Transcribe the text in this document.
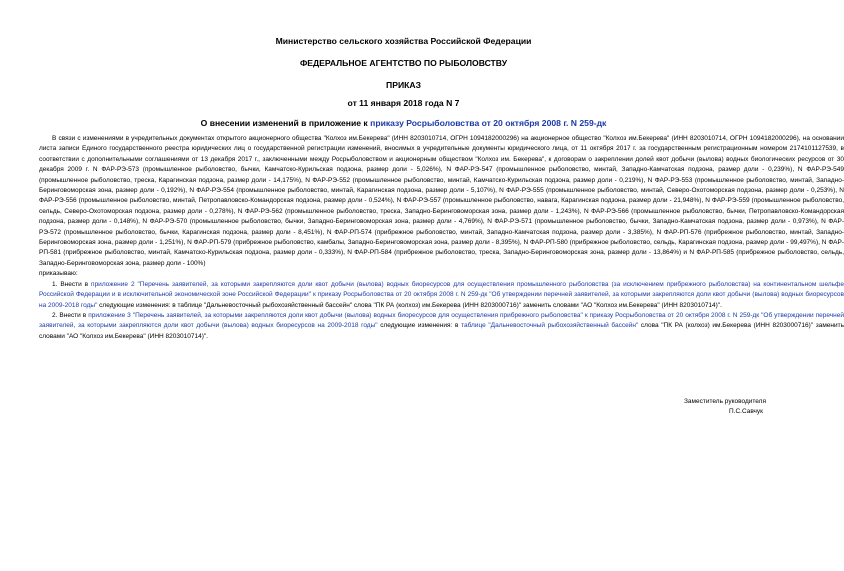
Министерство сельского хозяйства Российской Федерации
ФЕДЕРАЛЬНОЕ АГЕНТСТВО ПО РЫБОЛОВСТВУ
ПРИКАЗ
от 11 января 2018 года N 7
О внесении изменений в приложение к приказу Росрыболовства от 20 октября 2008 г. N 259-дк

В связи с изменениями в учредительных документах открытого акционерного общества "Колхоз им.Бекерева" (ИНН 8203010714, ОГРН 1094182000296) на акционерное общество "Колхоз им.Бекерева" (ИНН 8203010714, ОГРН 1094182000296), на основании листа записи Единого государственного реестра юридических лиц о государственной регистрации изменений, вносимых в учредительные документы юридического лица, от 11 октября 2017 г. за государственным регистрационным номером 2174101127539, в соответствии с дополнительными соглашениями от 13 декабря 2017 г., заключенными между Росрыболовством и акционерным обществом "Колхоз им. Бекерева", к договорам о закреплении долей квот добычи (вылова) водных биологических ресурсов от 30 декабря 2009 г. N ФАР-РЭ-573 (промышленное рыболовство, бычки, Камчатско-Курильская подзона, размер доли - 5,026%), N ФАР-РЭ-547 (промышленное рыболовство, минтай, Западно-Камчатская подзона, размер доли - 0,239%), N ФАР-РЭ-549 (промышленное рыболовство, треска, Карагинская подзона, размер доли - 14,175%), N ФАР-РЭ-552 (промышленное рыболовство, минтай, Камчатско-Курильская подзона, размер доли - 0,219%), N ФАР-РЭ-553 (промышленное рыболовство, минтай, Западно-Беринговоморская зона, размер доли - 0,192%), N ФАР-РЭ-554 (промышленное рыболовство, минтай, Карагинская подзона, размер доли - 5,107%), N ФАР-РЭ-555 (промышленное рыболовство, минтай, Северо-Охотоморская подзона, размер доли - 0,253%), N ФАР-РЭ-556 (промышленное рыболовство, минтай, Петропавловско-Командорская подзона, размер доли - 0,524%), N ФАР-РЭ-557 (промышленное рыболовство, навага, Карагинская подзона, размер доли - 21,948%), N ФАР-РЭ-559 (промышленное рыболовство, сельдь, Северо-Охотоморская подзона, размер доли - 0,278%), N ФАР-РЭ-562 (промышленное рыболовство, треска, Западно-Беринговоморская зона, размер доли - 1,243%), N ФАР-РЭ-566 (промышленное рыболовство, бычки, Петропавловско-Командорская подзона, размер доли - 0,148%), N ФАР-РЭ-570 (промышленное рыболовство, бычки, Западно-Беринговоморская зона, размер доли - 4,769%), N ФАР-РЭ-571 (промышленное рыболовство, бычки, Западно-Камчатская подзона, размер доли - 0,973%), N ФАР-РЭ-572 (промышленное рыболовство, бычки, Карагинская подзона, размер доли - 8,451%), N ФАР-РП-574 (прибрежное рыболовство, минтай, Западно-Камчатская подзона, размер доли - 3,385%), N ФАР-РП-576 (прибрежное рыболовство, минтай, Западно-Беринговоморская зона, размер доли - 1,251%), N ФАР-РП-579 (прибрежное рыболовство, камбалы, Западно-Беринговоморская зона, размер доли - 8,395%), N ФАР-РП-580 (прибрежное рыболовство, сельдь, Карагинская подзона, размер доли - 99,497%), N ФАР-РП-581 (прибрежное рыболовство, минтай, Камчатско-Курильская подзона, размер доли - 0,333%), N ФАР-РП-584 (прибрежное рыболовство, треска, Западно-Беринговоморская зона, размер доли - 13,864%) и N ФАР-РП-585 (прибрежное рыболовство, сельдь, Западно-Беринговоморская зона, размер доли - 100%)

приказываю:

1. Внести в приложение 2 "Перечень заявителей, за которыми закрепляются доли квот добычи (вылова) водных биоресурсов для осуществления промышленного рыболовства (за исключением прибрежного рыболовства) на континентальном шельфе Российской Федерации и в исключительной экономической зоне Российской Федерации" к приказу Росрыболовства от 20 октября 2008 г. N 259-дк "Об утверждении перечней заявителей, за которыми закрепляются доли квот добычи (вылова) водных биоресурсов на 2009-2018 годы" следующие изменения: в таблице "Дальневосточный рыбохозяйственный бассейн" слова "ПК РА (колхоз) им.Бекерева (ИНН 8203000716)" заменить словами "АО "Колхоз им.Бекерева" (ИНН 8203010714)".

2. Внести в приложение 3 "Перечень заявителей, за которыми закрепляются доли квот добычи (вылова) водных биоресурсов для осуществления прибрежного рыболовства" к приказу Росрыболовства от 20 октября 2008 г. N 259-дк "Об утверждении перечней заявителей, за которыми закрепляются доли квот добычи (вылова) водных биоресурсов на 2009-2018 годы" следующие изменения: в таблице "Дальневосточный рыбохозяйственный бассейн" слова "ПК РА (колхоз) им.Бекерева (ИНН 8203000716)" заменить словами "АО "Колхоз им.Бекерева" (ИНН 8203010714)".

Заместитель руководителя
П.С.Савчук
